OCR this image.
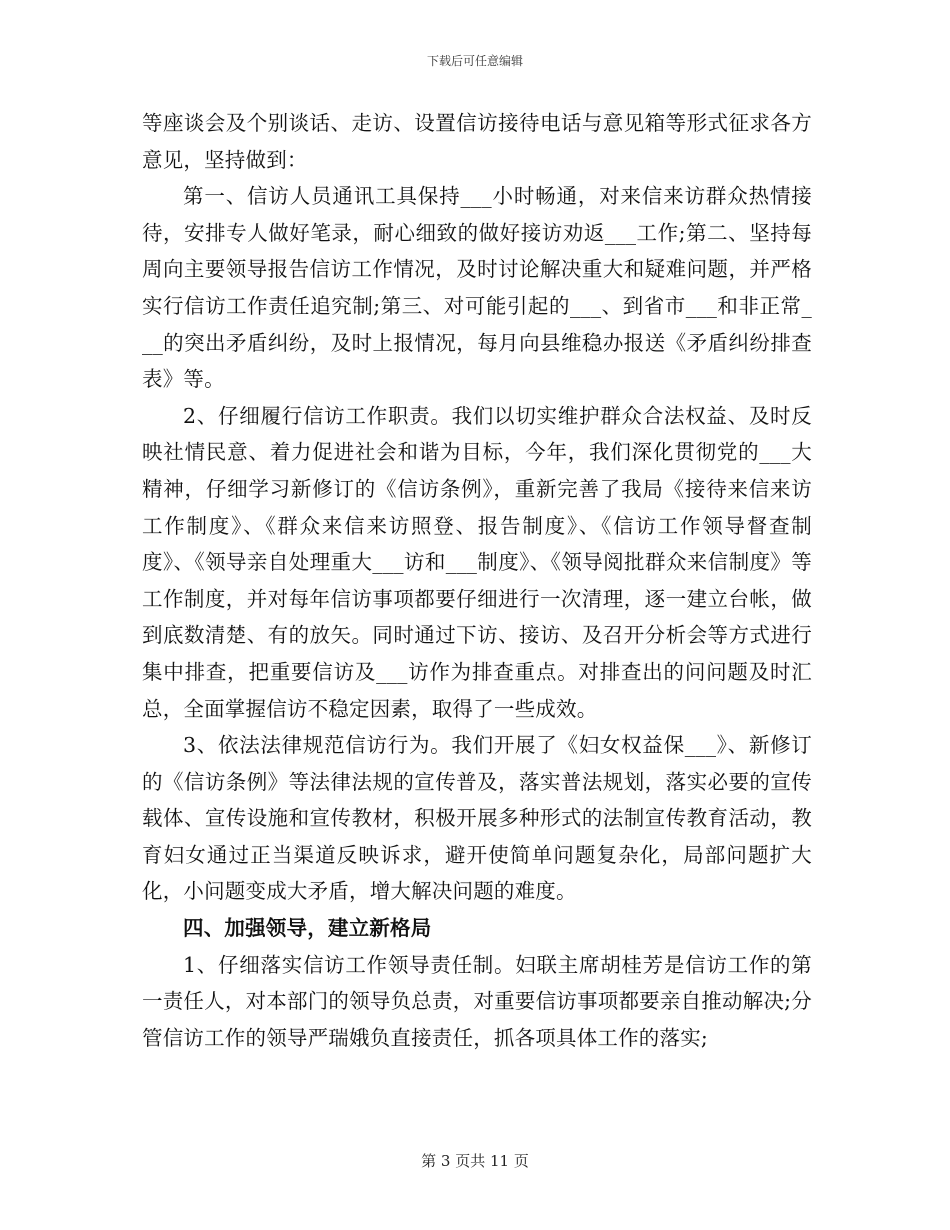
下载后可任意编辑

等座谈会及个别谈话、走访、设置信访接待电话与意见箱等形式征求各方意见，坚持做到：

第一、信访人员通讯工具保持___小时畅通，对来信来访群众热情接待，安排专人做好笔录，耐心细致的做好接访劝返___工作;第二、坚持每周向主要领导报告信访工作情况，及时讨论解决重大和疑难问题，并严格实行信访工作责任追究制;第三、对可能引起的___、到省市___和非正常___的突出矛盾纠纷，及时上报情况，每月向县维稳办报送《矛盾纠纷排查表》等。

2、仔细履行信访工作职责。我们以切实维护群众合法权益、及时反映社情民意、着力促进社会和谐为目标，今年，我们深化贯彻党的___大精神，仔细学习新修订的《信访条例》，重新完善了我局《接待来信来访工作制度》、《群众来信来访照登、报告制度》、《信访工作领导督查制度》、《领导亲自处理重大___访和___制度》、《领导阅批群众来信制度》等工作制度，并对每年信访事项都要仔细进行一次清理，逐一建立台帐，做到底数清楚、有的放矢。同时通过下访、接访、及召开分析会等方式进行集中排查，把重要信访及___访作为排查重点。对排查出的问问题及时汇总，全面掌握信访不稳定因素，取得了一些成效。

3、依法法律规范信访行为。我们开展了《妇女权益保___》、新修订的《信访条例》等法律法规的宣传普及，落实普法规划，落实必要的宣传载体、宣传设施和宣传教材，积极开展多种形式的法制宣传教育活动，教育妇女通过正当渠道反映诉求，避开使简单问题复杂化，局部问题扩大化，小问题变成大矛盾，增大解决问题的难度。

四、加强领导，建立新格局

1、仔细落实信访工作领导责任制。妇联主席胡桂芳是信访工作的第一责任人，对本部门的领导负总责，对重要信访事项都要亲自推动解决;分管信访工作的领导严瑞娥负直接责任，抓各项具体工作的落实;

第 3 页共 11 页
